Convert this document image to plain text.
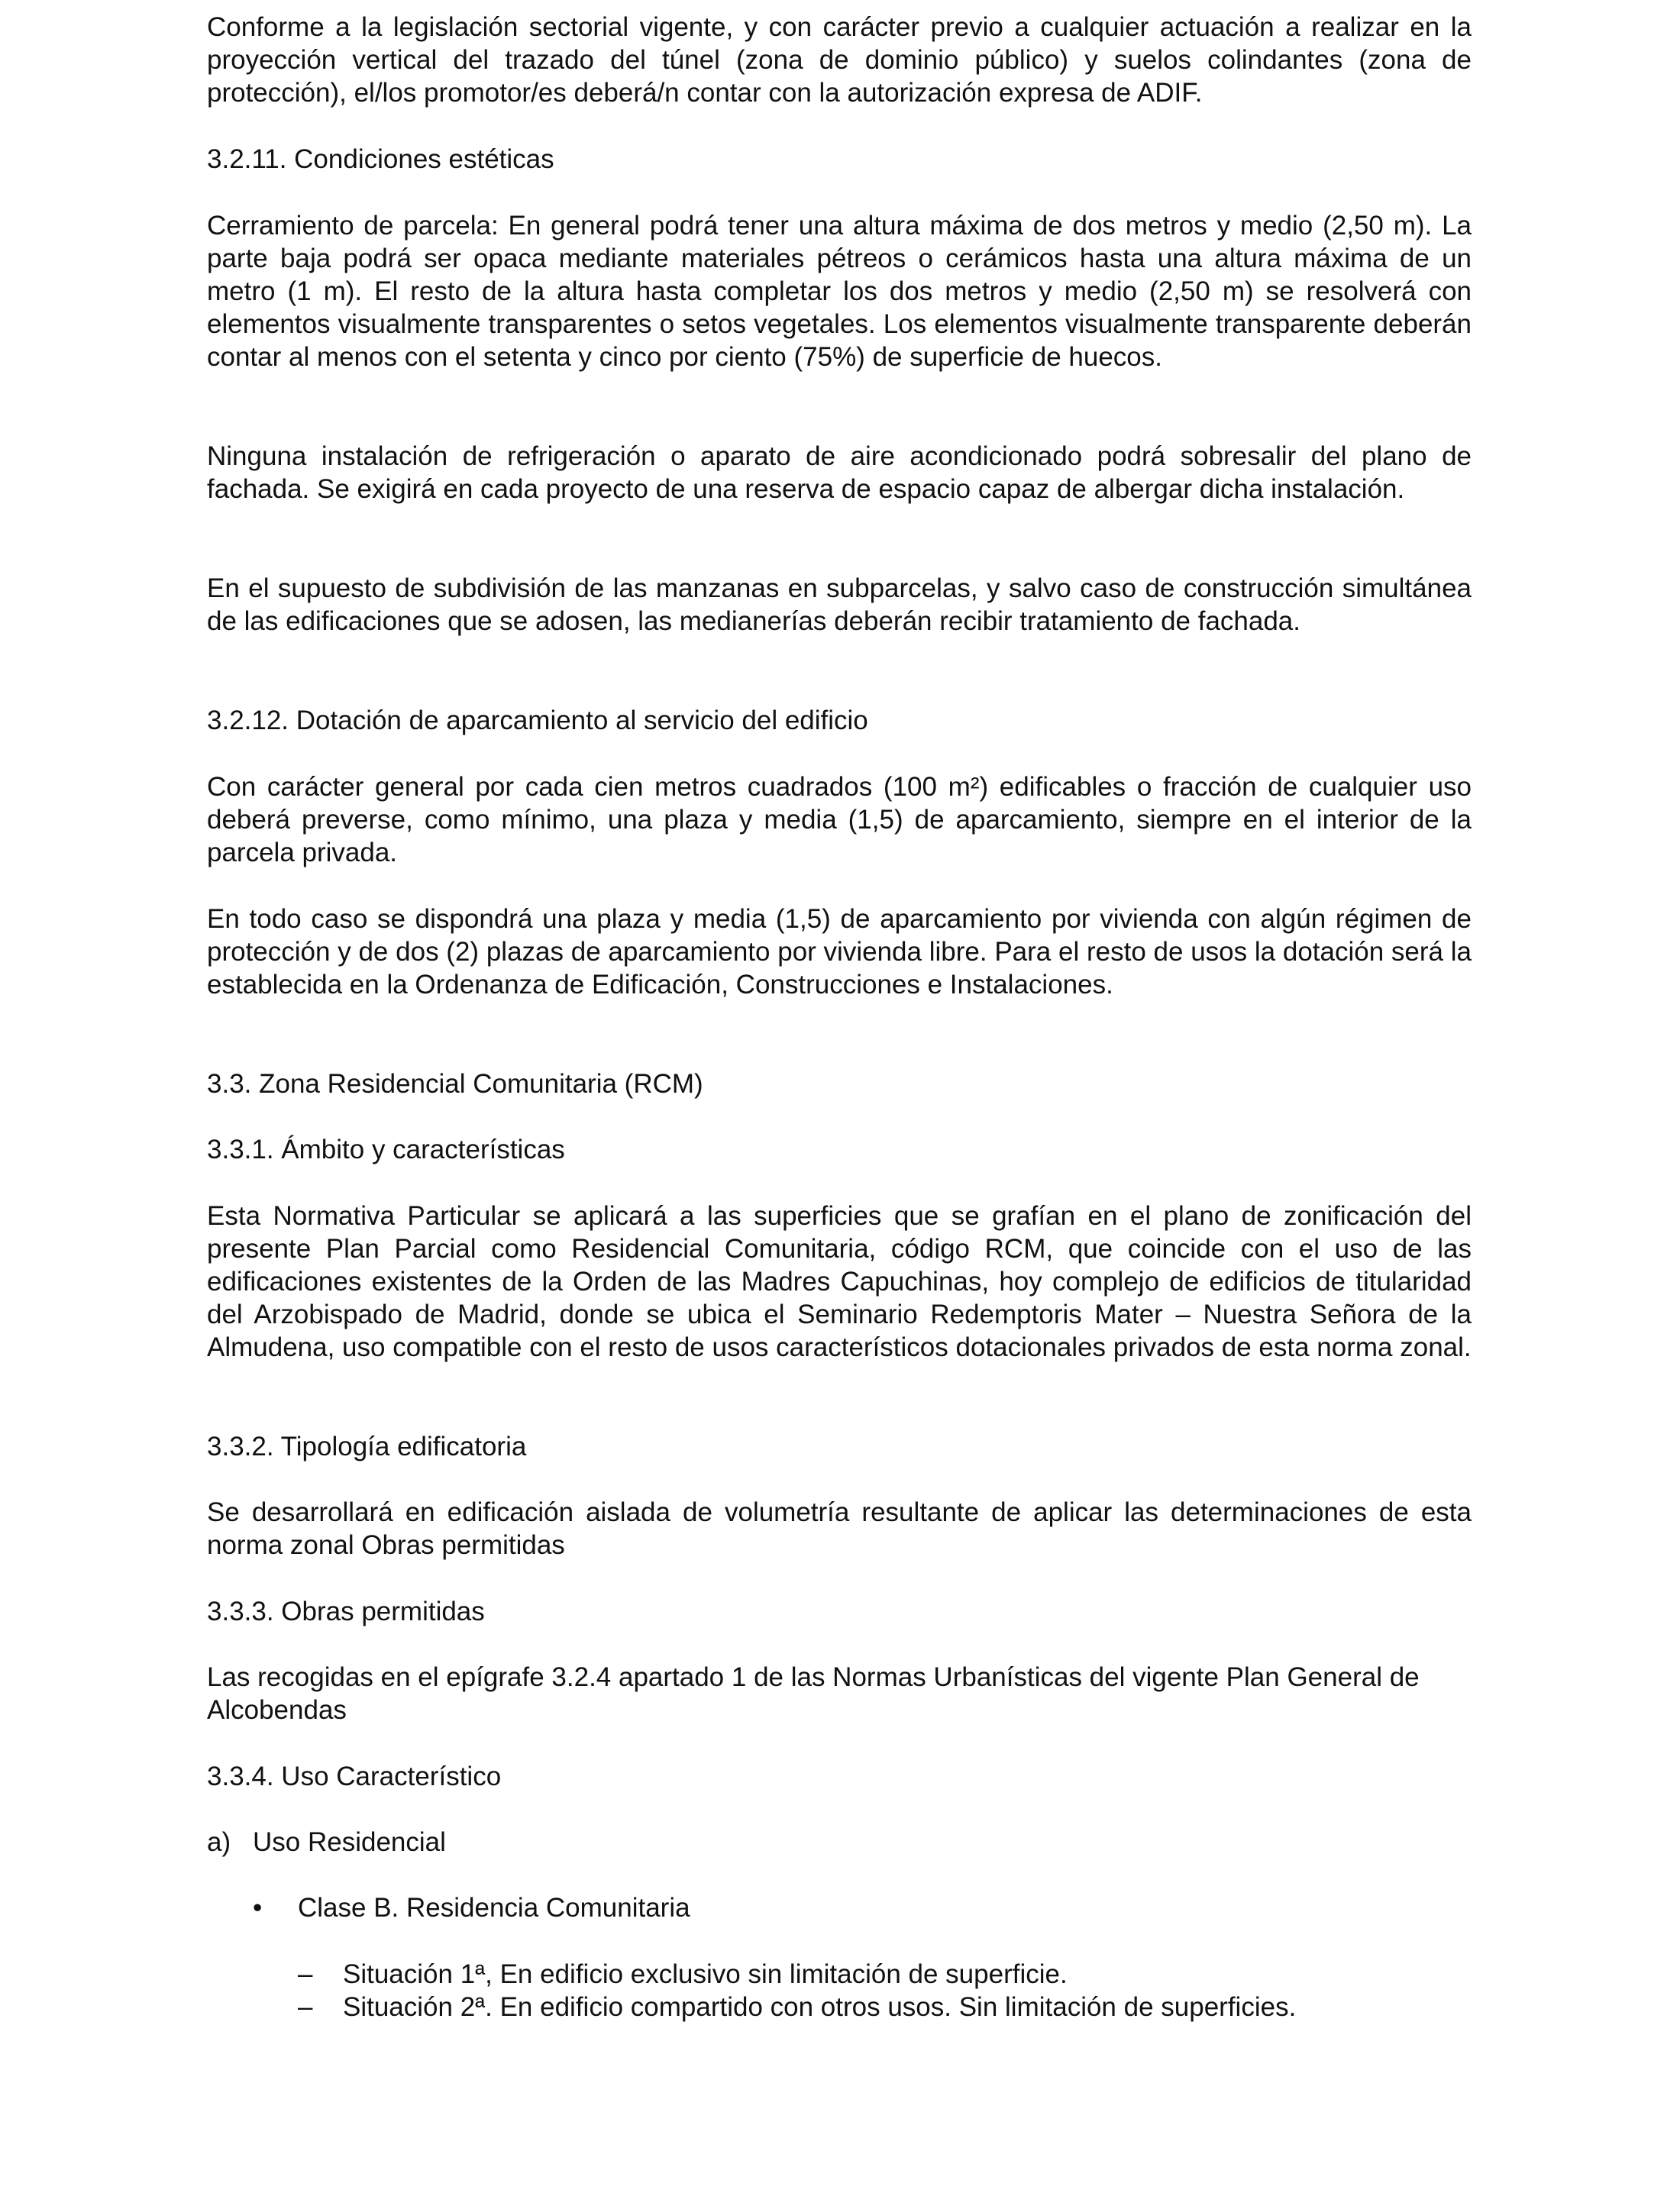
Conforme a la legislación sectorial vigente, y con carácter previo a cualquier actuación a realizar en la proyección vertical del trazado del túnel (zona de dominio público) y suelos colindantes (zona de protección), el/los promotor/es deberá/n contar con la autorización expresa de ADIF.

3.2.11. Condiciones estéticas

Cerramiento de parcela: En general podrá tener una altura máxima de dos metros y medio (2,50 m). La parte baja podrá ser opaca mediante materiales pétreos o cerámicos hasta una altura máxima de un metro (1 m). El resto de la altura hasta completar los dos metros y medio (2,50 m) se resolverá con elementos visualmente transparentes o setos vegetales. Los elementos visualmente transparente deberán contar al menos con el setenta y cinco por ciento (75%) de superficie de huecos.

Ninguna instalación de refrigeración o aparato de aire acondicionado podrá sobresalir del plano de fachada. Se exigirá en cada proyecto de una reserva de espacio capaz de albergar dicha instalación.

En el supuesto de subdivisión de las manzanas en subparcelas, y salvo caso de construcción simultánea de las edificaciones que se adosen, las medianerías deberán recibir tratamiento de fachada.

3.2.12. Dotación de aparcamiento al servicio del edificio

Con carácter general por cada cien metros cuadrados (100 m²) edificables o fracción de cualquier uso deberá preverse, como mínimo, una plaza y media (1,5) de aparcamiento, siempre en el interior de la parcela privada.

En todo caso se dispondrá una plaza y media (1,5) de aparcamiento por vivienda con algún régimen de protección y de dos (2) plazas de aparcamiento por vivienda libre. Para el resto de usos la dotación será la establecida en la Ordenanza de Edificación, Construcciones e Instalaciones.

3.3. Zona Residencial Comunitaria (RCM)

3.3.1. Ámbito y características

Esta Normativa Particular se aplicará a las superficies que se grafían en el plano de zonificación del presente Plan Parcial como Residencial Comunitaria, código RCM, que coincide con el uso de las edificaciones existentes de la Orden de las Madres Capuchinas, hoy complejo de edificios de titularidad del Arzobispado de Madrid, donde se ubica el Seminario Redemptoris Mater – Nuestra Señora de la Almudena, uso compatible con el resto de usos característicos dotacionales privados de esta norma zonal.

3.3.2. Tipología edificatoria

Se desarrollará en edificación aislada de volumetría resultante de aplicar las determinaciones de esta norma zonal Obras permitidas

3.3.3. Obras permitidas

Las recogidas en el epígrafe 3.2.4 apartado 1 de las Normas Urbanísticas del vigente Plan General de Alcobendas

3.3.4. Uso Característico

a) Uso Residencial
• Clase B. Residencia Comunitaria
– Situación 1ª, En edificio exclusivo sin limitación de superficie.
– Situación 2ª. En edificio compartido con otros usos. Sin limitación de superficies.
